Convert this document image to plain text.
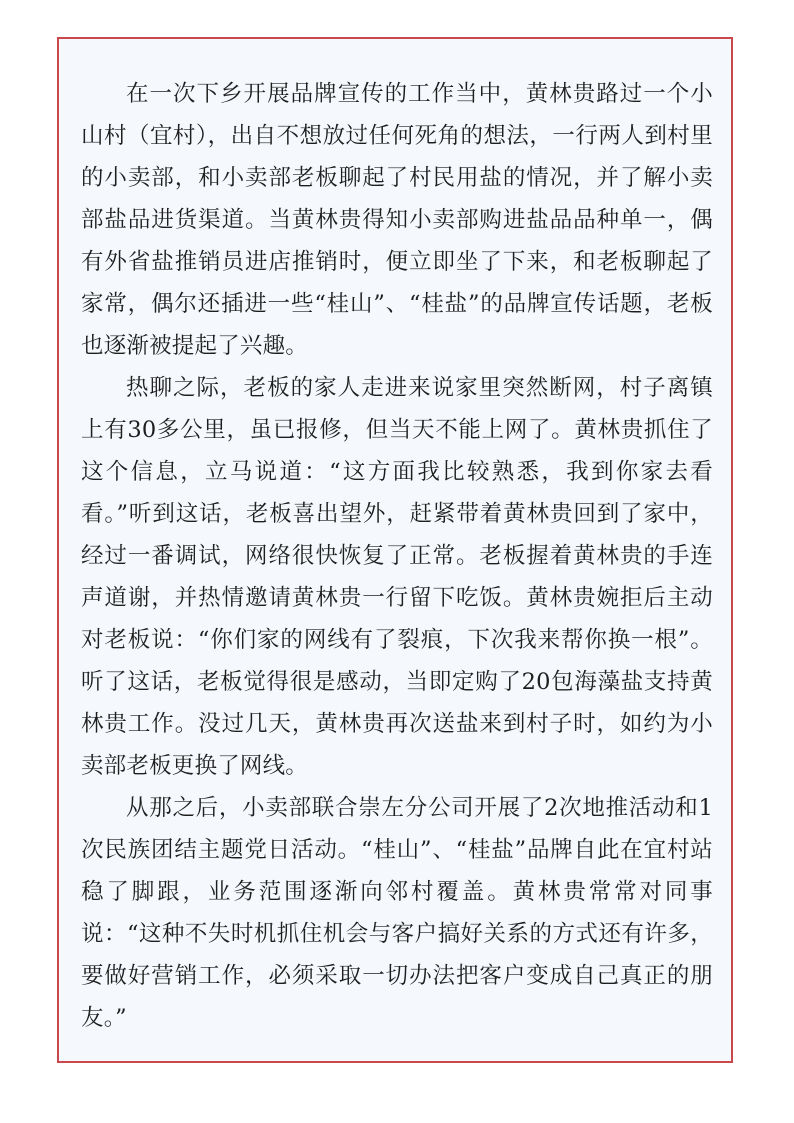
在一次下乡开展品牌宣传的工作当中，黄林贵路过一个小山村（宜村），出自不想放过任何死角的想法，一行两人到村里的小卖部，和小卖部老板聊起了村民用盐的情况，并了解小卖部盐品进货渠道。当黄林贵得知小卖部购进盐品品种单一，偶有外省盐推销员进店推销时，便立即坐了下来，和老板聊起了家常，偶尔还插进一些“桂山”、“桂盐”的品牌宣传话题，老板也逐渐被提起了兴趣。

热聊之际，老板的家人走进来说家里突然断网，村子离镇上有30多公里，虽已报修，但当天不能上网了。黄林贵抓住了这个信息，立马说道：“这方面我比较熟悉，我到你家去看看。”听到这话，老板喜出望外，赶紧带着黄林贵回到了家中，经过一番调试，网络很快恢复了正常。老板握着黄林贵的手连声道谢，并热情邀请黄林贵一行留下吃饭。黄林贵婉拒后主动对老板说：“你们家的网线有了裂痕，下次我来帮你换一根”。听了这话，老板觉得很是感动，当即定购了20包海藻盐支持黄林贵工作。没过几天，黄林贵再次送盐来到村子时，如约为小卖部老板更换了网线。

从那之后，小卖部联合崇左分公司开展了2次地推活动和1次民族团结主题党日活动。“桂山”、“桂盐”品牌自此在宜村站稳了脚跟，业务范围逐渐向邻村覆盖。黄林贵常常对同事说：“这种不失时机抓住机会与客户搞好关系的方式还有许多，要做好营销工作，必须采取一切办法把客户变成自己真正的朋友。”
